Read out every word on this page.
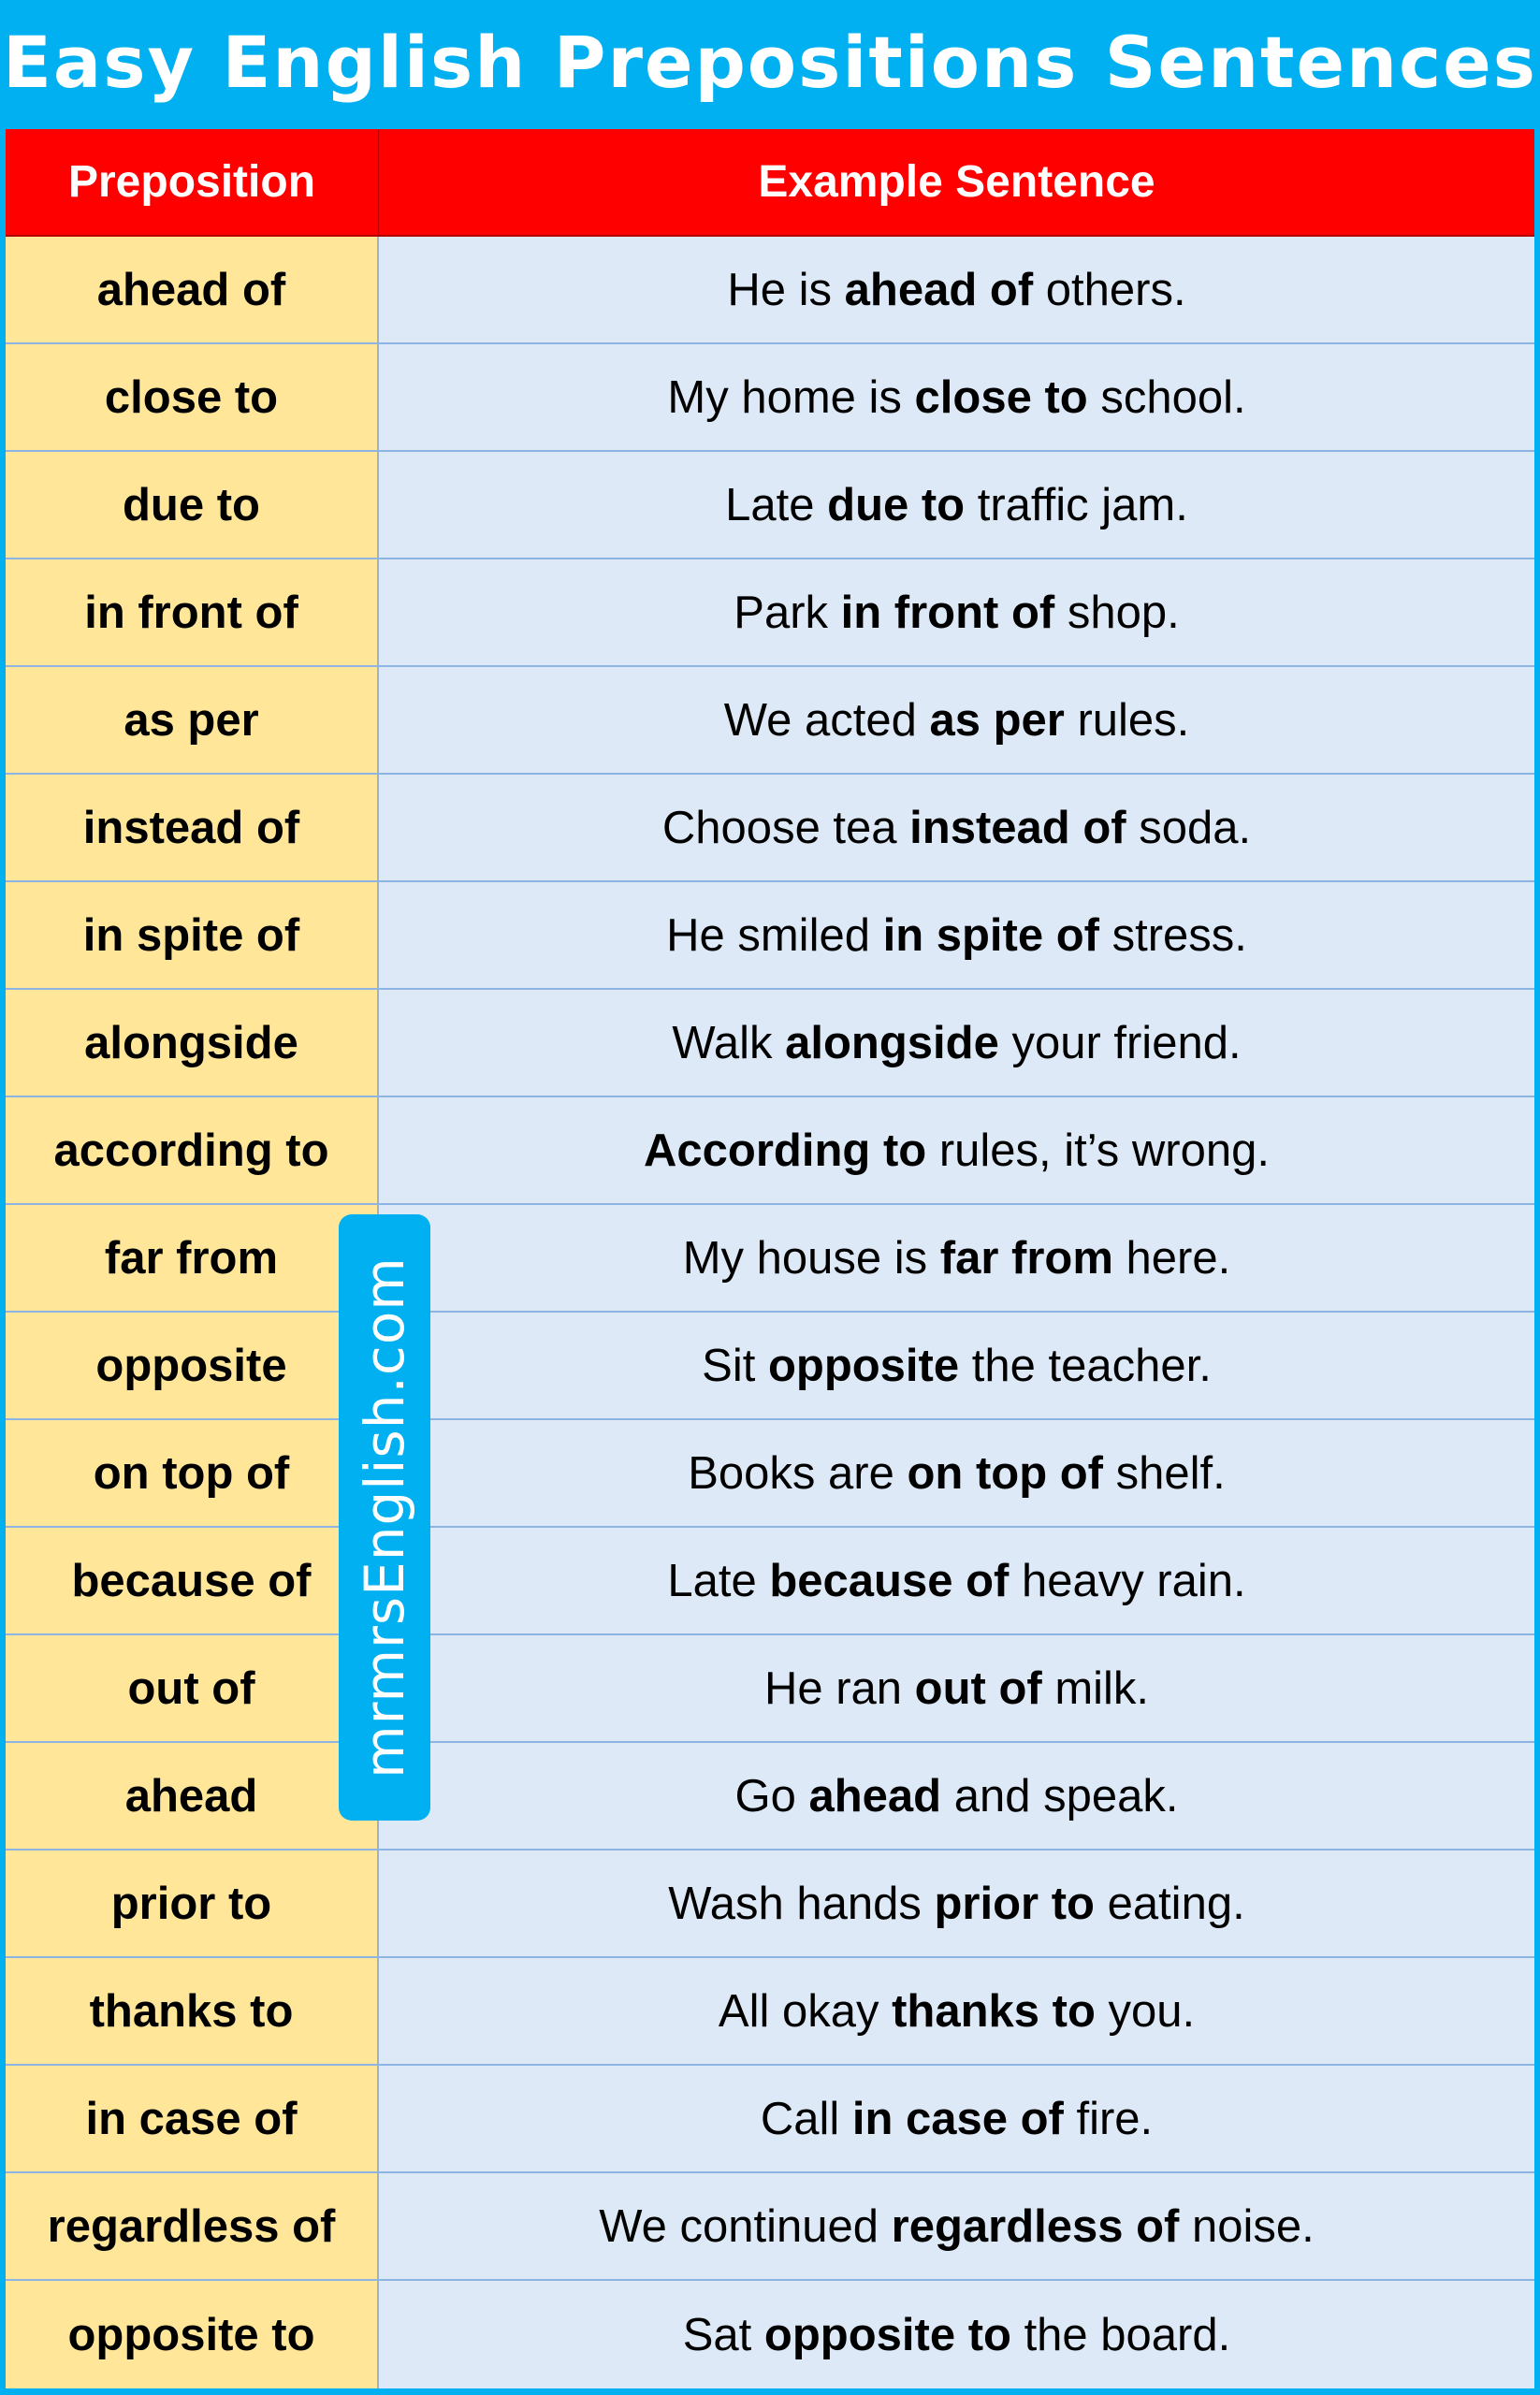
Easy English Prepositions Sentences
Preposition	Example Sentence
ahead of	He is ahead of others.
close to	My home is close to school.
due to	Late due to traffic jam.
in front of	Park in front of shop.
as per	We acted as per rules.
instead of	Choose tea instead of soda.
in spite of	He smiled in spite of stress.
alongside	Walk alongside your friend.
according to	According to rules, it’s wrong.
far from	My house is far from here.
opposite	Sit opposite the teacher.
on top of	Books are on top of shelf.
because of	Late because of heavy rain.
out of	He ran out of milk.
ahead	Go ahead and speak.
prior to	Wash hands prior to eating.
thanks to	All okay thanks to you.
in case of	Call in case of fire.
regardless of	We continued regardless of noise.
opposite to	Sat opposite to the board.
mrmrsEnglish.com
